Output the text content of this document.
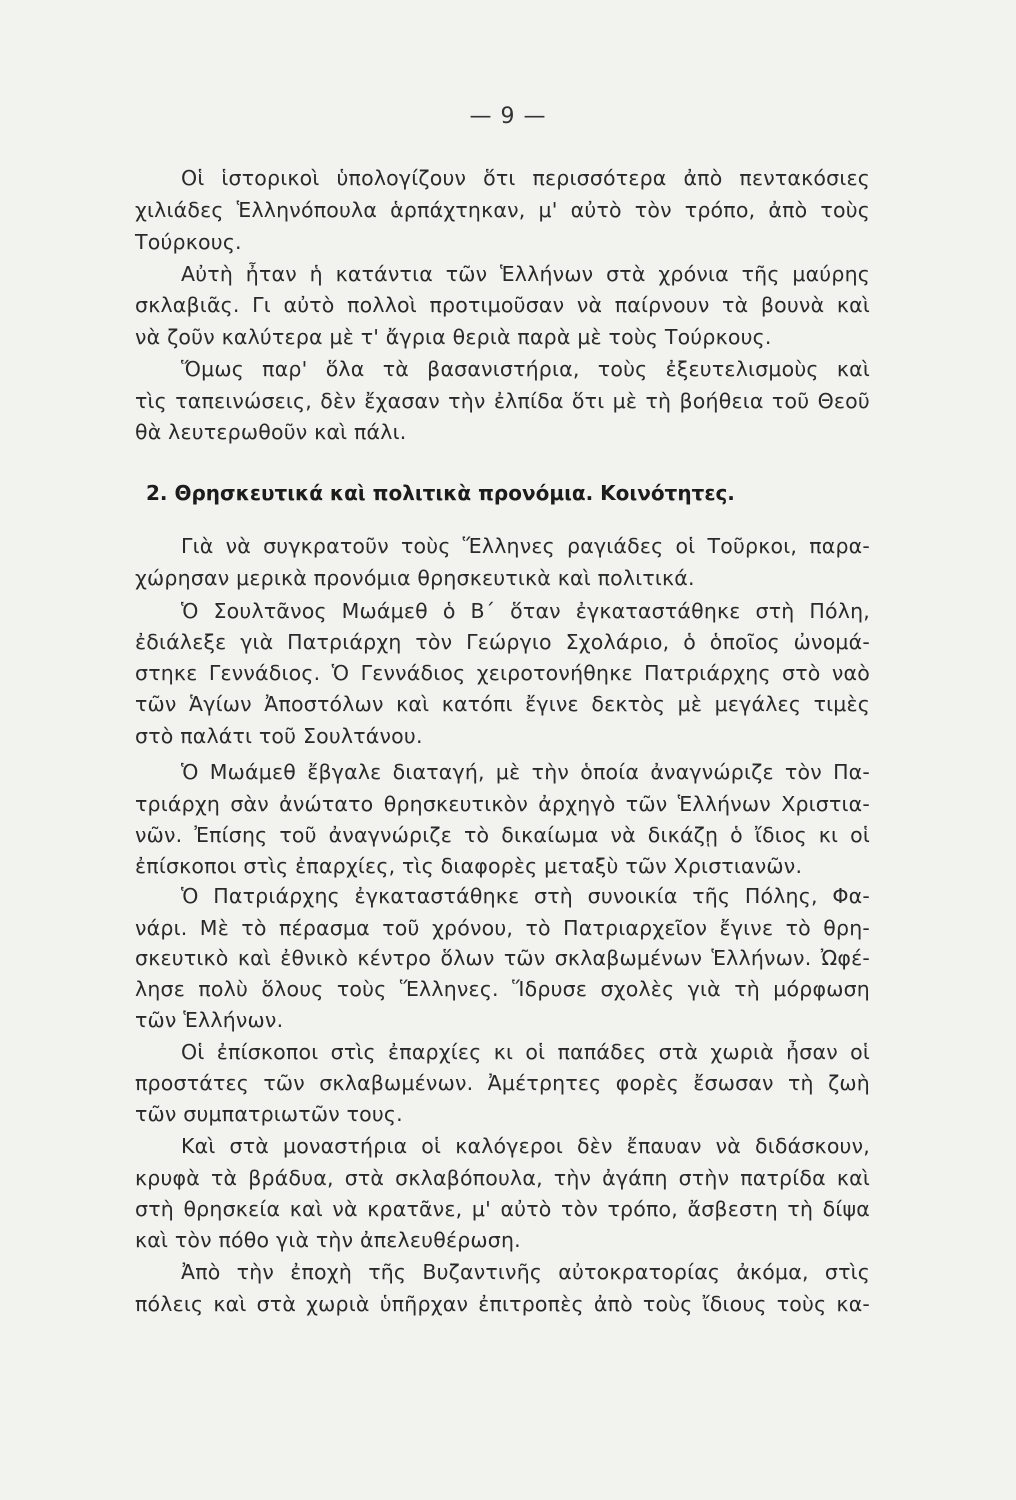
— 9 —
Οἱ ἱστορικοὶ ὑπολογίζουν ὅτι περισσότερα ἀπὸ πεντακόσιες
χιλιάδες Ἑλληνόπουλα ἁρπάχτηκαν, μ' αὐτὸ τὸν τρόπο, ἀπὸ τοὺς
Τούρκους.
Αὐτὴ ἦταν ἡ κατάντια τῶν Ἑλλήνων στὰ χρόνια τῆς μαύρης
σκλαβιᾶς. Γι αὐτὸ πολλοὶ προτιμοῦσαν νὰ παίρνουν τὰ βουνὰ καὶ
νὰ ζοῦν καλύτερα μὲ τ' ἄγρια θεριὰ παρὰ μὲ τοὺς Τούρκους.
Ὅμως παρ' ὅλα τὰ βασανιστήρια, τοὺς ἐξευτελισμοὺς καὶ
τὶς ταπεινώσεις, δὲν ἔχασαν τὴν ἐλπίδα ὅτι μὲ τὴ βοήθεια τοῦ Θεοῦ
θὰ λευτερωθοῦν καὶ πάλι.
2. Θρησκευτικά καὶ πολιτικὰ προνόμια. Κοινότητες.
Γιὰ νὰ συγκρατοῦν τοὺς Ἕλληνες ραγιάδες οἱ Τοῦρκοι, παρα-
χώρησαν μερικὰ προνόμια θρησκευτικὰ καὶ πολιτικά.
Ὁ Σουλτᾶνος Μωάμεθ ὁ Β΄ ὅταν ἐγκαταστάθηκε στὴ Πόλη,
ἐδιάλεξε γιὰ Πατριάρχη τὸν Γεώργιο Σχολάριο, ὁ ὁποῖος ὠνομά-
στηκε Γεννάδιος. Ὁ Γεννάδιος χειροτονήθηκε Πατριάρχης στὸ ναὸ
τῶν Ἁγίων Ἀποστόλων καὶ κατόπι ἔγινε δεκτὸς μὲ μεγάλες τιμὲς
στὸ παλάτι τοῦ Σουλτάνου.
Ὁ Μωάμεθ ἔβγαλε διαταγή, μὲ τὴν ὁποία ἀναγνώριζε τὸν Πα-
τριάρχη σὰν ἀνώτατο θρησκευτικὸν ἀρχηγὸ τῶν Ἑλλήνων Χριστια-
νῶν. Ἐπίσης τοῦ ἀναγνώριζε τὸ δικαίωμα νὰ δικάζῃ ὁ ἴδιος κι οἱ
ἐπίσκοποι στὶς ἐπαρχίες, τὶς διαφορὲς μεταξὺ τῶν Χριστιανῶν.
Ὁ Πατριάρχης ἐγκαταστάθηκε στὴ συνοικία τῆς Πόλης, Φα-
νάρι. Μὲ τὸ πέρασμα τοῦ χρόνου, τὸ Πατριαρχεῖον ἔγινε τὸ θρη-
σκευτικὸ καὶ ἐθνικὸ κέντρο ὅλων τῶν σκλαβωμένων Ἑλλήνων. Ὠφέ-
λησε πολὺ ὅλους τοὺς Ἕλληνες. Ἵδρυσε σχολὲς γιὰ τὴ μόρφωση
τῶν Ἑλλήνων.
Οἱ ἐπίσκοποι στὶς ἐπαρχίες κι οἱ παπάδες στὰ χωριὰ ἦσαν οἱ
προστάτες τῶν σκλαβωμένων. Ἀμέτρητες φορὲς ἔσωσαν τὴ ζωὴ
τῶν συμπατριωτῶν τους.
Καὶ στὰ μοναστήρια οἱ καλόγεροι δὲν ἔπαυαν νὰ διδάσκουν,
κρυφὰ τὰ βράδυα, στὰ σκλαβόπουλα, τὴν ἀγάπη στὴν πατρίδα καὶ
στὴ θρησκεία καὶ νὰ κρατᾶνε, μ' αὐτὸ τὸν τρόπο, ἄσβεστη τὴ δίψα
καὶ τὸν πόθο γιὰ τὴν ἀπελευθέρωση.
Ἀπὸ τὴν ἐποχὴ τῆς Βυζαντινῆς αὐτοκρατορίας ἀκόμα, στὶς
πόλεις καὶ στὰ χωριὰ ὑπῆρχαν ἐπιτροπὲς ἀπὸ τοὺς ἴδιους τοὺς κα-
